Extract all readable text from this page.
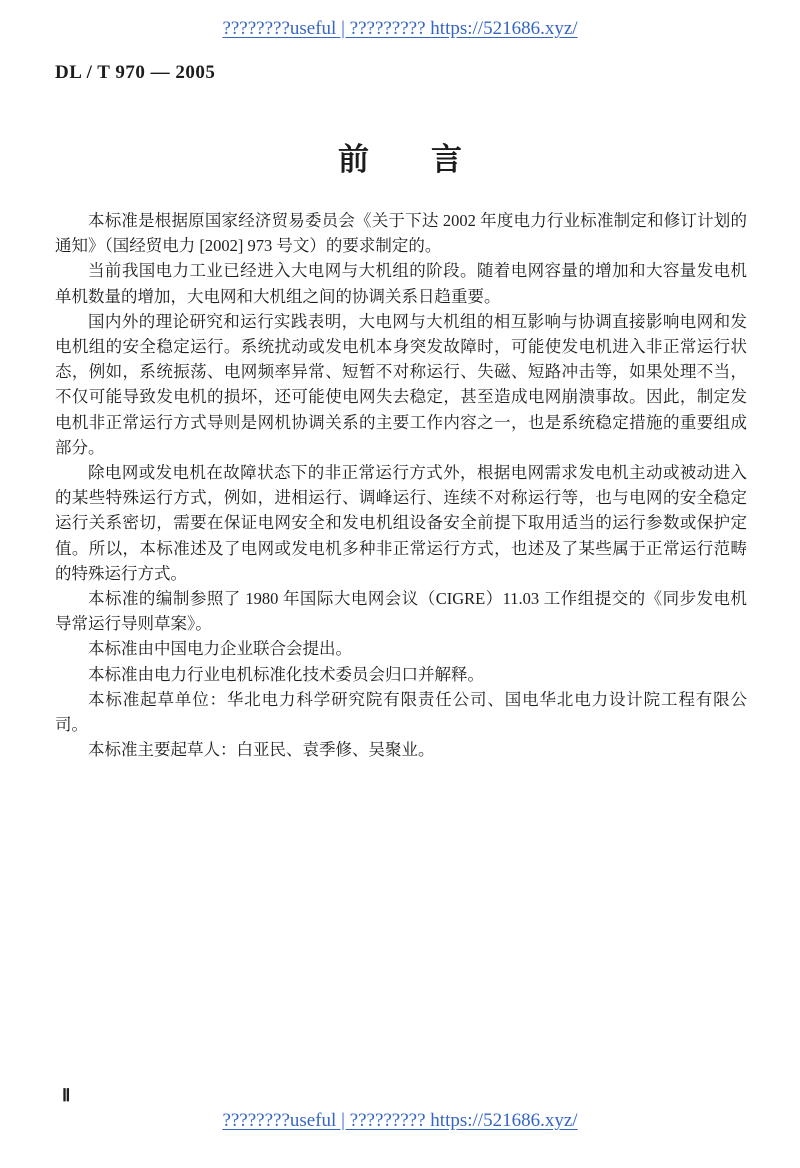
????????useful | ????????? https://521686.xyz/
DL / T 970 — 2005
前　　言

本标准是根据原国家经济贸易委员会《关于下达 2002 年度电力行业标准制定和修订计划的通知》（国经贸电力 [2002] 973 号文）的要求制定的。

当前我国电力工业已经进入大电网与大机组的阶段。随着电网容量的增加和大容量发电机单机数量的增加，大电网和大机组之间的协调关系日趋重要。

国内外的理论研究和运行实践表明，大电网与大机组的相互影响与协调直接影响电网和发电机组的安全稳定运行。系统扰动或发电机本身突发故障时，可能使发电机进入非正常运行状态，例如，系统振荡、电网频率异常、短暂不对称运行、失磁、短路冲击等，如果处理不当，不仅可能导致发电机的损坏，还可能使电网失去稳定，甚至造成电网崩溃事故。因此，制定发电机非正常运行方式导则是网机协调关系的主要工作内容之一，也是系统稳定措施的重要组成部分。

除电网或发电机在故障状态下的非正常运行方式外，根据电网需求发电机主动或被动进入的某些特殊运行方式，例如，进相运行、调峰运行、连续不对称运行等，也与电网的安全稳定运行关系密切，需要在保证电网安全和发电机组设备安全前提下取用适当的运行参数或保护定值。所以，本标准述及了电网或发电机多种非正常运行方式，也述及了某些属于正常运行范畴的特殊运行方式。

本标准的编制参照了 1980 年国际大电网会议（CIGRE）11.03 工作组提交的《同步发电机导常运行导则草案》。

本标准由中国电力企业联合会提出。

本标准由电力行业电机标准化技术委员会归口并解释。

本标准起草单位：华北电力科学研究院有限责任公司、国电华北电力设计院工程有限公司。

本标准主要起草人：白亚民、袁季修、吴聚业。

Ⅱ
????????useful | ????????? https://521686.xyz/
